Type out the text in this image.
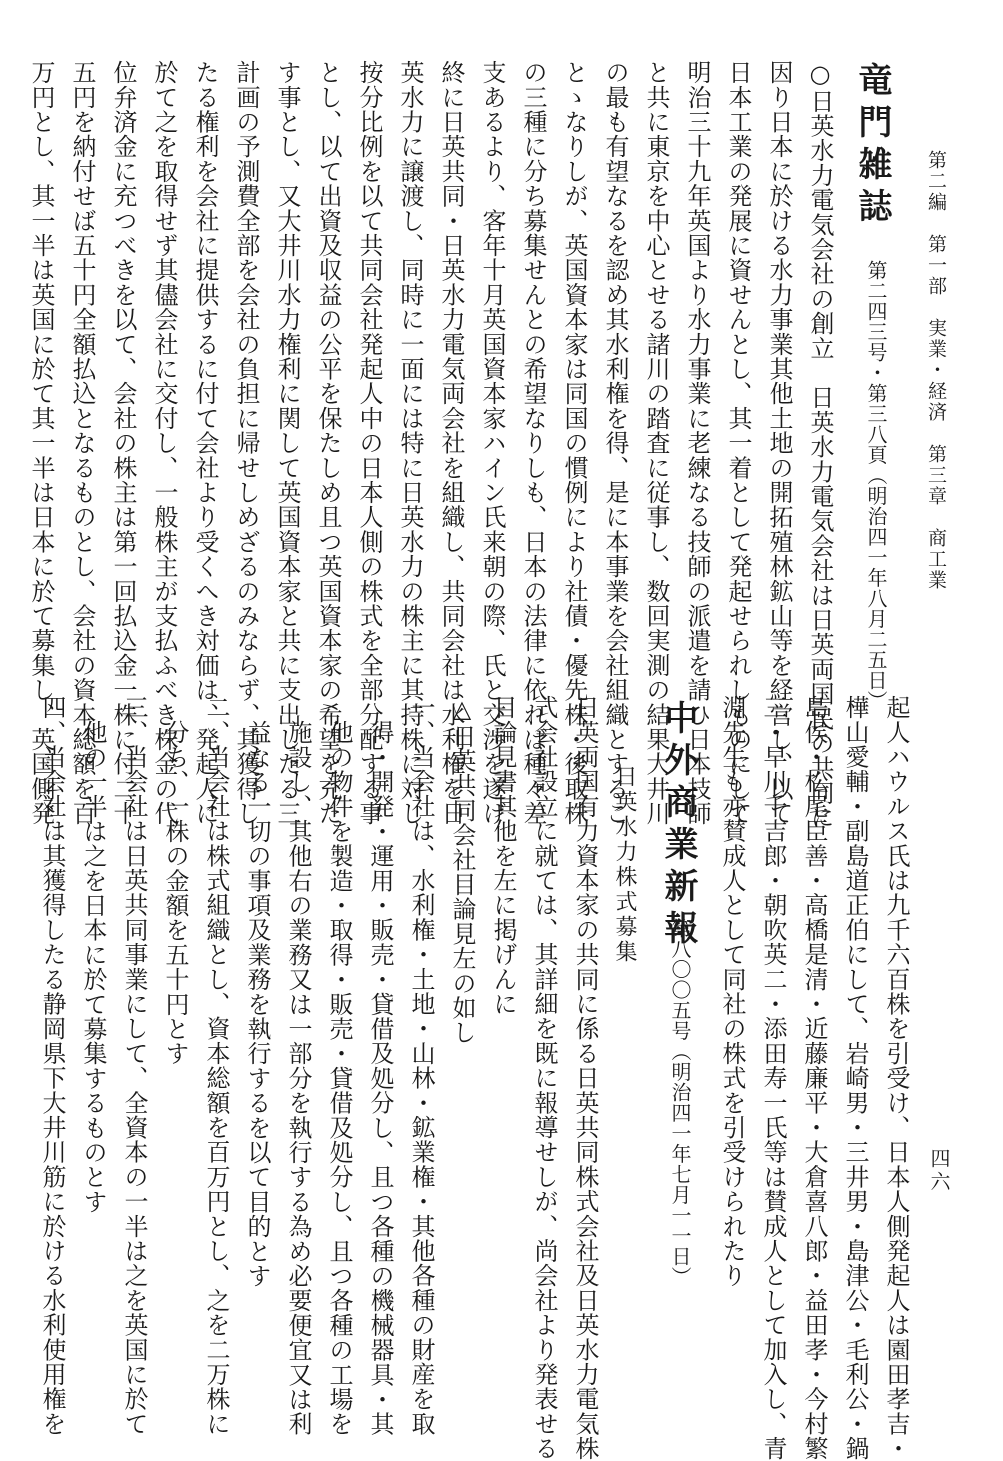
第二編　第一部　実業・経済　第三章　商工業
四六
竜門雑誌
第二四三号・第三八頁（明治四一年八月二五日）
○日英水力電気会社の創立　日英水力電気会社は日英両国民の共同に
因り日本に於ける水力事業其他土地の開拓殖林鉱山等を経営し、以て
日本工業の発展に資せんとし、其一着として発起せられしものにして
明治三十九年英国より水力事業に老練なる技師の派遣を請ひ日本技師
と共に東京を中心とせる諸川の踏査に従事し、数回実測の結果大井川
の最も有望なるを認め其水利権を得、是に本事業を会社組織とするこ
とゝなりしが、英国資本家は同国の慣例により社債・優先株・後取株
の三種に分ち募集せんとの希望なりしも、日本の法律に依れば種々差
支あるより、客年十月英国資本家ハイン氏来朝の際、氏と交渉を遂げ
終に日英共同・日英水力電気両会社を組織し、共同会社は水利権を日
英水力に譲渡し、同時に一面には特に日英水力の株主に其持株に対し
按分比例を以て共同会社発起人中の日本人側の株式を全部分配する事
とし、以て出資及収益の公平を保たしめ且つ英国資本家の希望を充た
す事とし、又大井川水力権利に関して英国資本家と共に支出したる三
計画の予測費全部を会社の負担に帰せしめざるのみならず、其獲得し
たる権利を会社に提供するに付て会社より受くへき対価は、発起人に
於て之を取得せず其儘会社に交付し、一般株主が支払ふべき株金の代
位弁済金に充つべきを以て、会社の株主は第一回払込金一株に付二十
五円を納付せば五十円全額払込となるものとし、会社の資本総額を百
万円とし、其一半は英国に於て其一半は日本に於て募集し、英国側発
起人ハウルス氏は九千六百株を引受け、日本人側発起人は園田孝吉・
樺山愛輔・副島道正伯にして、岩崎男・三井男・島津公・毛利公・鍋
島侯・松尾臣善・高橋是清・近藤廉平・大倉喜八郎・益田孝・今村繁
三・早川千吉郎・朝吹英二・添田寿一氏等は賛成人として加入し、青
淵先生も亦賛成人として同社の株式を引受けられたり
中外商業新報
第八〇〇五号（明治四一年七月一一日）
日英水力株式募集
日英両国有力資本家の共同に係る日英共同株式会社及日英水力電気株
式会社設立に就ては、其詳細を既に報導せしが、尚会社より発表せる
目論見書其他を左に掲げんに
△日英共同会社目論見左の如し
一、当会社は、水利権・土地・山林・鉱業権・其他各種の財産を取
得・開発・運用・販売・貸借及処分し、且つ各種の機械器具・其
他の物件を製造・取得・販売・貸借及処分し、且つ各種の工場を
施設し、其他右の業務又は一部分を執行する為め必要便宜又は利
益なる一切の事項及業務を執行するを以て目的とす
二、当会社は株式組織とし、資本総額を百万円とし、之を二万株に
分ち、一株の金額を五十円とす
三、当会社は日英共同事業にして、全資本の一半は之を英国に於て
他の一半は之を日本に於て募集するものとす
四、当会社は其獲得したる静岡県下大井川筋に於ける水利使用権を
